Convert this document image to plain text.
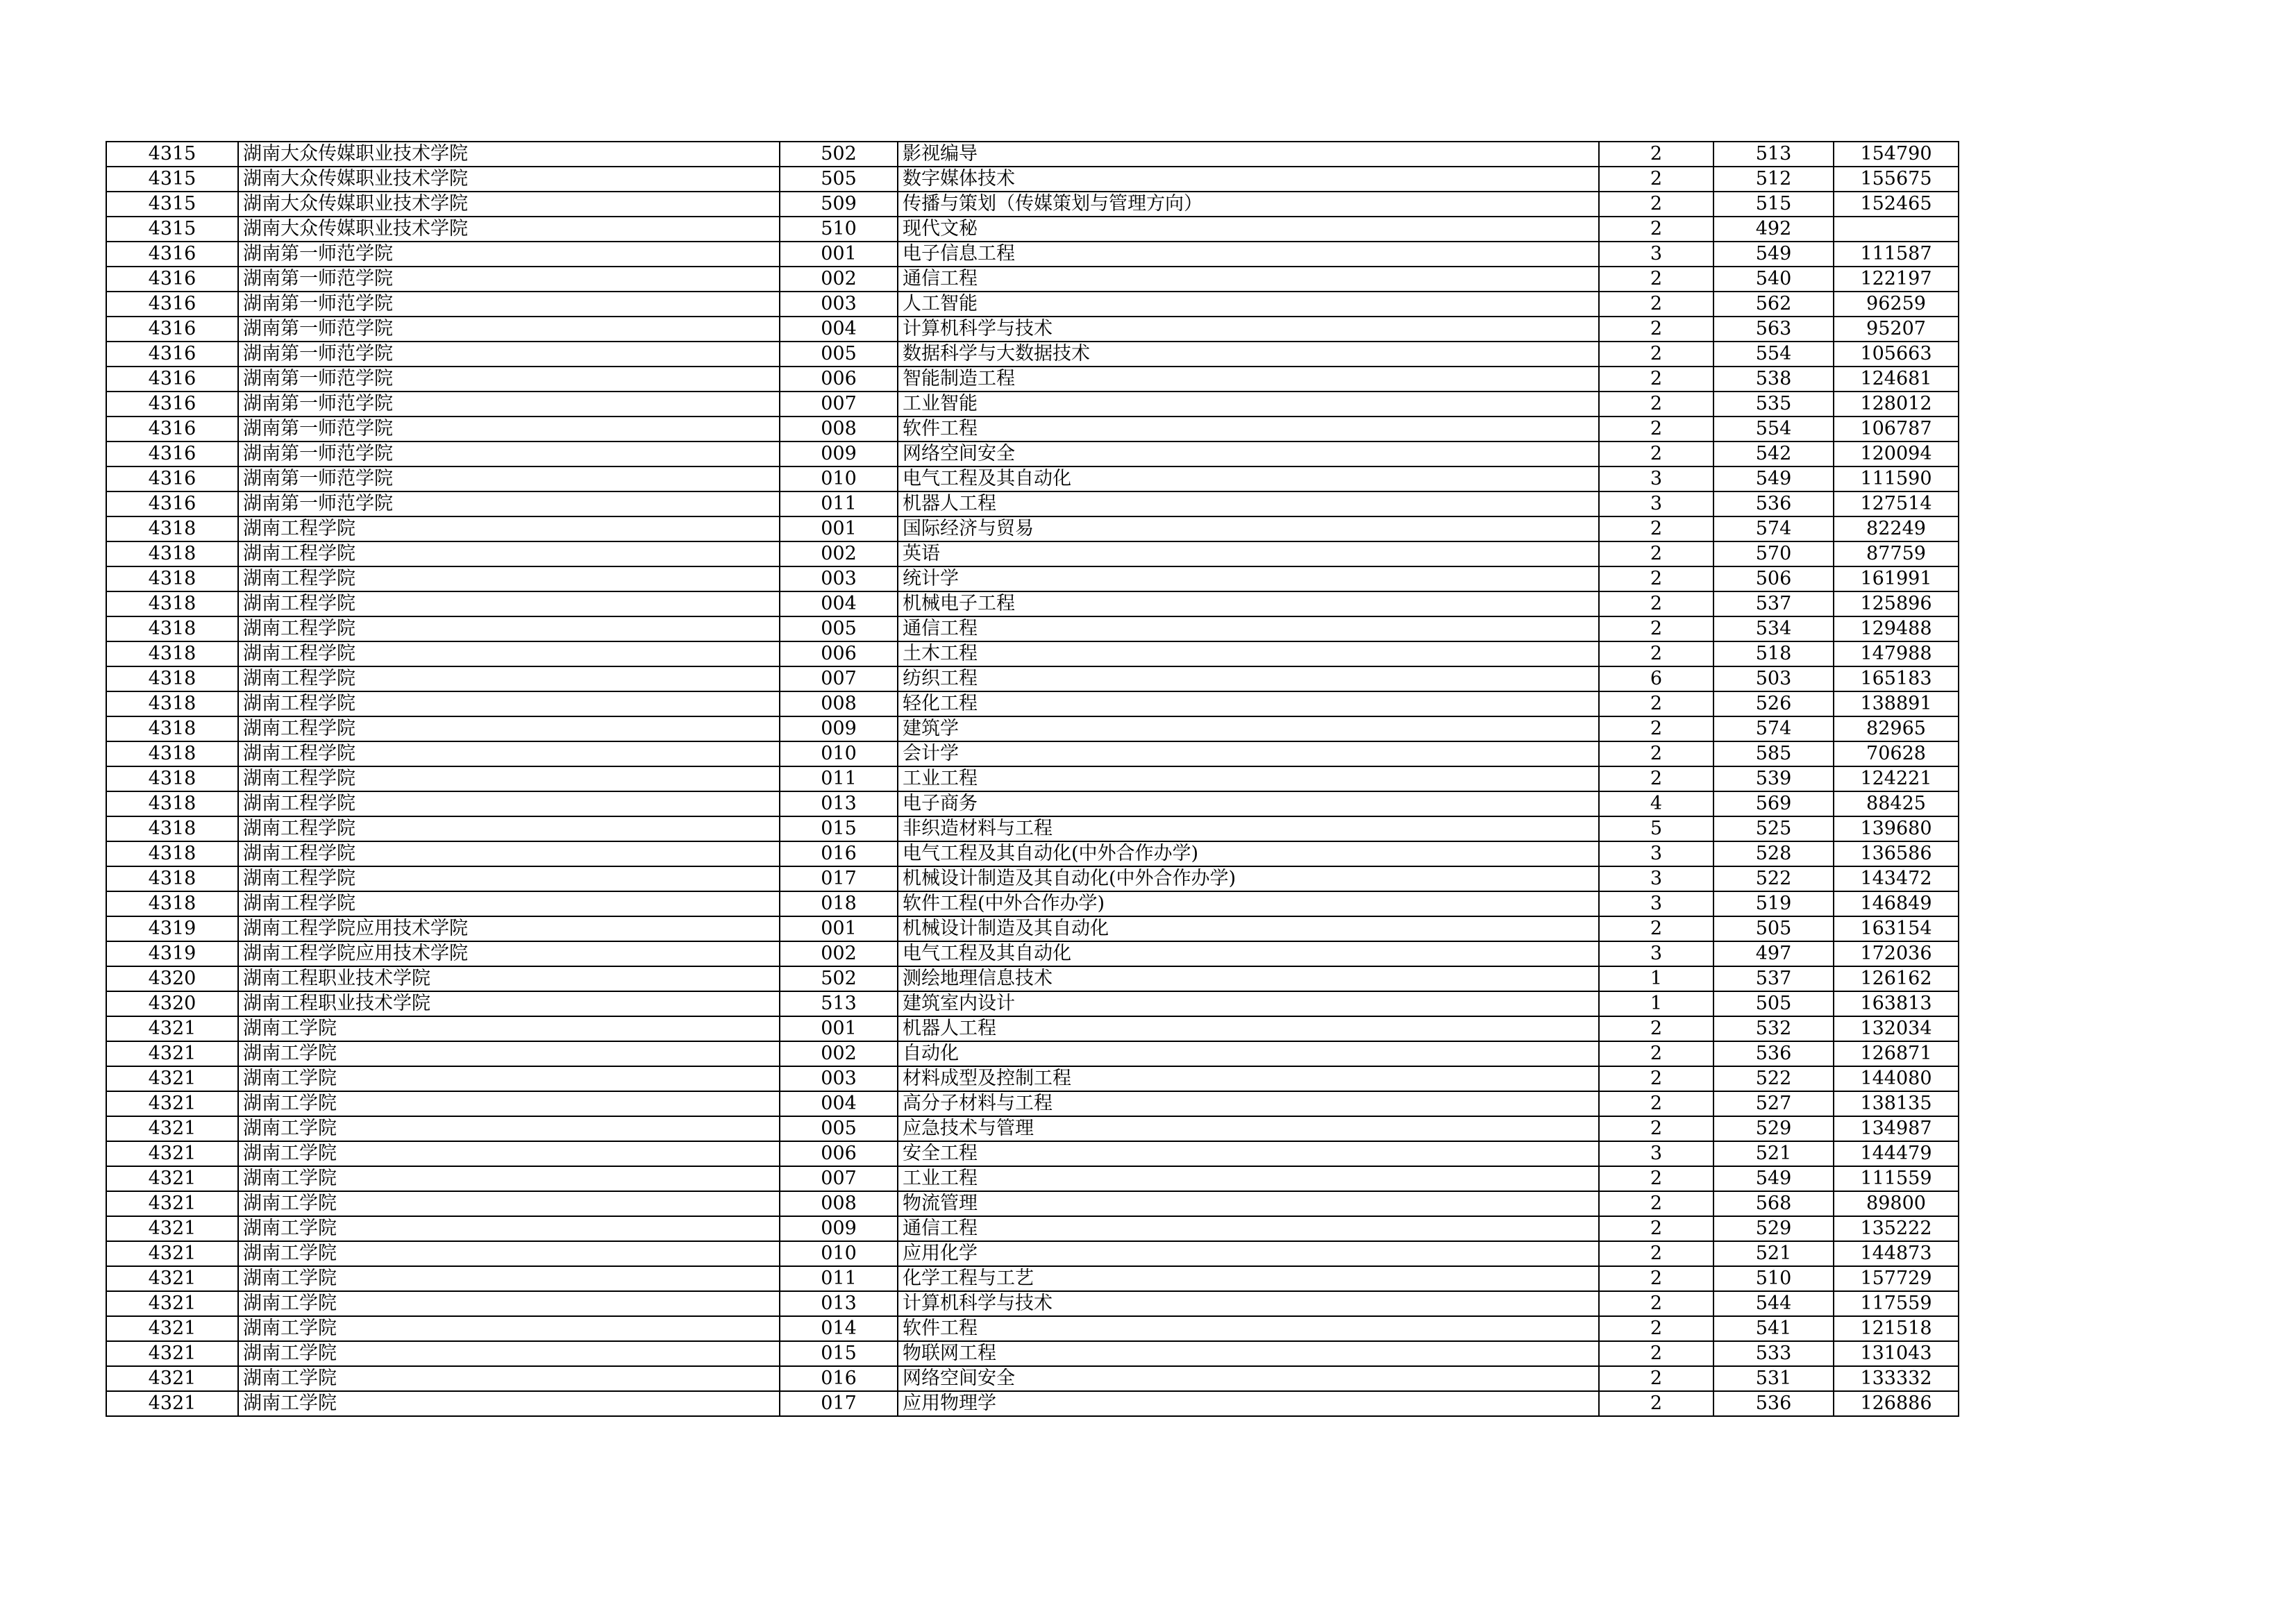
4315	湖南大众传媒职业技术学院	502	影视编导	2	513	154790
4315	湖南大众传媒职业技术学院	505	数字媒体技术	2	512	155675
4315	湖南大众传媒职业技术学院	509	传播与策划（传媒策划与管理方向）	2	515	152465
4315	湖南大众传媒职业技术学院	510	现代文秘	2	492	
4316	湖南第一师范学院	001	电子信息工程	3	549	111587
4316	湖南第一师范学院	002	通信工程	2	540	122197
4316	湖南第一师范学院	003	人工智能	2	562	96259
4316	湖南第一师范学院	004	计算机科学与技术	2	563	95207
4316	湖南第一师范学院	005	数据科学与大数据技术	2	554	105663
4316	湖南第一师范学院	006	智能制造工程	2	538	124681
4316	湖南第一师范学院	007	工业智能	2	535	128012
4316	湖南第一师范学院	008	软件工程	2	554	106787
4316	湖南第一师范学院	009	网络空间安全	2	542	120094
4316	湖南第一师范学院	010	电气工程及其自动化	3	549	111590
4316	湖南第一师范学院	011	机器人工程	3	536	127514
4318	湖南工程学院	001	国际经济与贸易	2	574	82249
4318	湖南工程学院	002	英语	2	570	87759
4318	湖南工程学院	003	统计学	2	506	161991
4318	湖南工程学院	004	机械电子工程	2	537	125896
4318	湖南工程学院	005	通信工程	2	534	129488
4318	湖南工程学院	006	土木工程	2	518	147988
4318	湖南工程学院	007	纺织工程	6	503	165183
4318	湖南工程学院	008	轻化工程	2	526	138891
4318	湖南工程学院	009	建筑学	2	574	82965
4318	湖南工程学院	010	会计学	2	585	70628
4318	湖南工程学院	011	工业工程	2	539	124221
4318	湖南工程学院	013	电子商务	4	569	88425
4318	湖南工程学院	015	非织造材料与工程	5	525	139680
4318	湖南工程学院	016	电气工程及其自动化(中外合作办学)	3	528	136586
4318	湖南工程学院	017	机械设计制造及其自动化(中外合作办学)	3	522	143472
4318	湖南工程学院	018	软件工程(中外合作办学)	3	519	146849
4319	湖南工程学院应用技术学院	001	机械设计制造及其自动化	2	505	163154
4319	湖南工程学院应用技术学院	002	电气工程及其自动化	3	497	172036
4320	湖南工程职业技术学院	502	测绘地理信息技术	1	537	126162
4320	湖南工程职业技术学院	513	建筑室内设计	1	505	163813
4321	湖南工学院	001	机器人工程	2	532	132034
4321	湖南工学院	002	自动化	2	536	126871
4321	湖南工学院	003	材料成型及控制工程	2	522	144080
4321	湖南工学院	004	高分子材料与工程	2	527	138135
4321	湖南工学院	005	应急技术与管理	2	529	134987
4321	湖南工学院	006	安全工程	3	521	144479
4321	湖南工学院	007	工业工程	2	549	111559
4321	湖南工学院	008	物流管理	2	568	89800
4321	湖南工学院	009	通信工程	2	529	135222
4321	湖南工学院	010	应用化学	2	521	144873
4321	湖南工学院	011	化学工程与工艺	2	510	157729
4321	湖南工学院	013	计算机科学与技术	2	544	117559
4321	湖南工学院	014	软件工程	2	541	121518
4321	湖南工学院	015	物联网工程	2	533	131043
4321	湖南工学院	016	网络空间安全	2	531	133332
4321	湖南工学院	017	应用物理学	2	536	126886
